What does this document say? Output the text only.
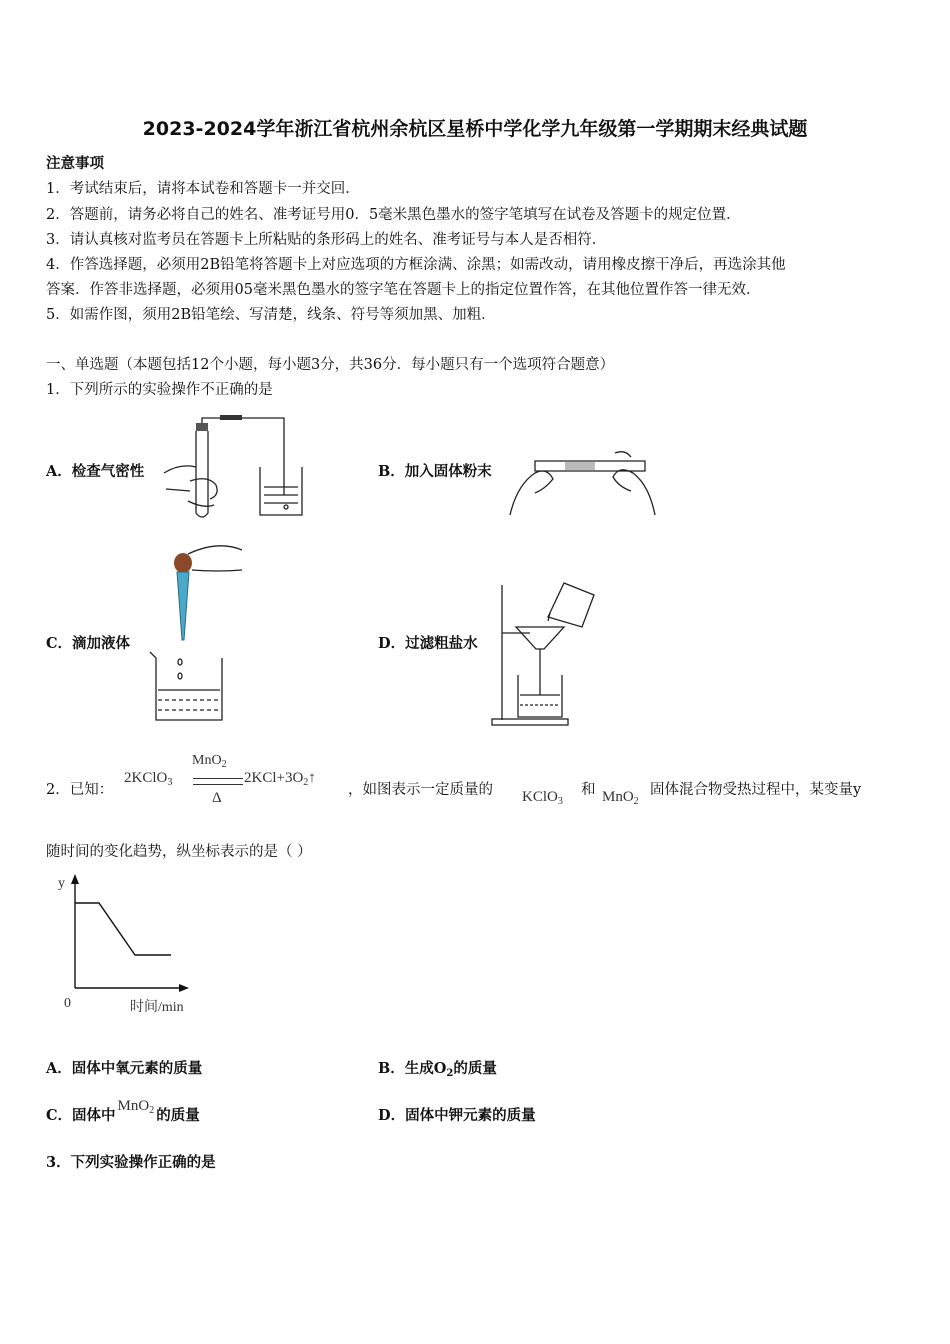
2023-2024学年浙江省杭州余杭区星桥中学化学九年级第一学期期末经典试题
注意事项
1．考试结束后，请将本试卷和答题卡一并交回．
2．答题前，请务必将自己的姓名、准考证号用0．5毫米黑色墨水的签字笔填写在试卷及答题卡的规定位置．
3．请认真核对监考员在答题卡上所粘贴的条形码上的姓名、准考证号与本人是否相符．
4．作答选择题，必须用2B铅笔将答题卡上对应选项的方框涂满、涂黑；如需改动，请用橡皮擦干净后，再选涂其他
答案．作答非选择题，必须用05毫米黑色墨水的签字笔在答题卡上的指定位置作答，在其他位置作答一律无效．
5．如需作图，须用2B铅笔绘、写清楚，线条、符号等须加黑、加粗．
一、单选题（本题包括12个小题，每小题3分，共36分．每小题只有一个选项符合题意）
1．下列所示的实验操作不正确的是
A．检查气密性	B．加入固体粉末
C．滴加液体	D．过滤粗盐水
2．已知：
2KClO$_3$
MnO$_2$
Δ
$2KCl+3O_2↑$
，如图表示一定质量的 KClO$_3$
和 MnO$_2$
固体混合物受热过程中，某变量y
随时间的变化趋势，纵坐标表示的是（ ）
y
0	时间/min
A．固体中氧元素的质量	B．生成$O_2$的质量
C．固体中MnO$_2$ 的质量	D．固体中钾元素的质量
3．下列实验操作正确的是
